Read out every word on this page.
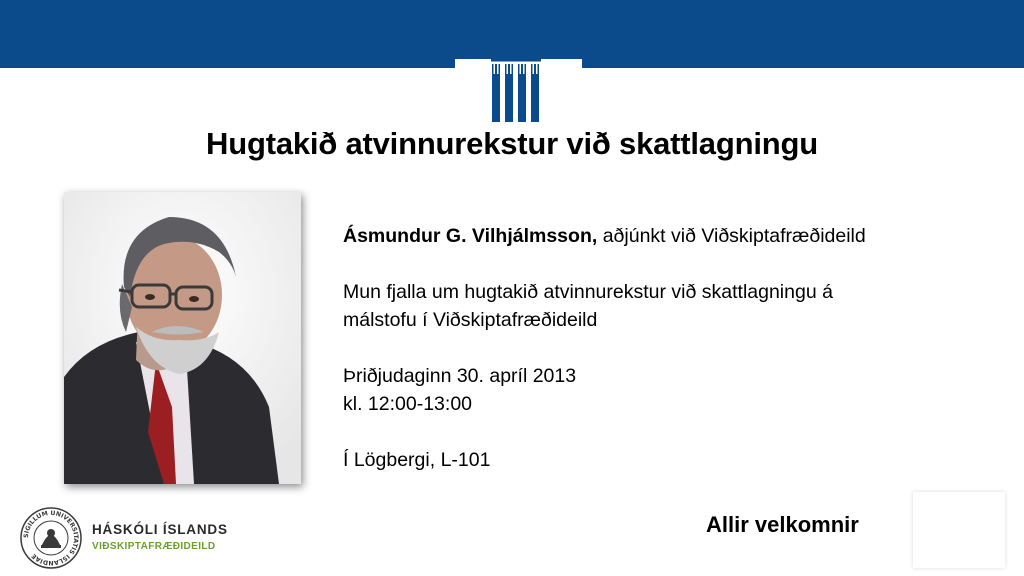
Hugtakið atvinnurekstur við skattlagningu

Ásmundur G. Vilhjálmsson, aðjúnkt við Viðskiptafræðideild

Mun fjalla um hugtakið atvinnurekstur við skattlagningu á

málstofu í Viðskiptafræðideild

Þriðjudaginn 30. apríl 2013

kl. 12:00-13:00

Í Lögbergi, L-101

SIGILLUM UNIVERSITATIS ISLANDIAE
HÁSKÓLI ÍSLANDS
VIÐSKIPTAFRÆÐIDEILD
Allir velkomnir
